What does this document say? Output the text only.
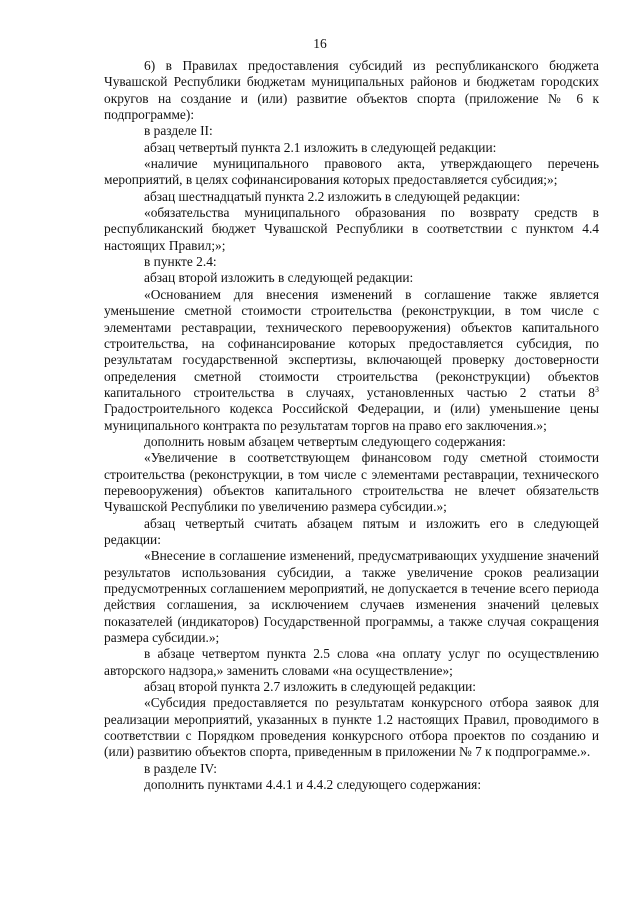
16

6) в Правилах предоставления субсидий из республиканского бюджета Чувашской Республики бюджетам муниципальных районов и бюджетам городских округов на создание и (или) развитие объектов спорта (приложение № 6 к подпрограмме):

в разделе II:

абзац четвертый пункта 2.1 изложить в следующей редакции:

«наличие муниципального правового акта, утверждающего перечень мероприятий, в целях софинансирования которых предоставляется субсидия;»;

абзац шестнадцатый пункта 2.2 изложить в следующей редакции:

«обязательства муниципального образования по возврату средств в республиканский бюджет Чувашской Республики в соответствии с пунктом 4.4 настоящих Правил;»;

в пункте 2.4:

абзац второй изложить в следующей редакции:

«Основанием для внесения изменений в соглашение также является уменьшение сметной стоимости строительства (реконструкции, в том числе с элементами реставрации, технического перевооружения) объектов капитального строительства, на софинансирование которых предоставляется субсидия, по результатам государственной экспертизы, включающей проверку достоверности определения сметной стоимости строительства (реконструкции) объектов капитального строительства в случаях, установленных частью 2 статьи $8^3$ Градостроительного кодекса Российской Федерации, и (или) уменьшение цены муниципального контракта по результатам торгов на право его заключения.»;

дополнить новым абзацем четвертым следующего содержания:

«Увеличение в соответствующем финансовом году сметной стоимости строительства (реконструкции, в том числе с элементами реставрации, технического перевооружения) объектов капитального строительства не влечет обязательств Чувашской Республики по увеличению размера субсидии.»;

абзац четвертый считать абзацем пятым и изложить его в следующей редакции:

«Внесение в соглашение изменений, предусматривающих ухудшение значений результатов использования субсидии, а также увеличение сроков реализации предусмотренных соглашением мероприятий, не допускается в течение всего периода действия соглашения, за исключением случаев изменения значений целевых показателей (индикаторов) Государственной программы, а также случая сокращения размера субсидии.»;

в абзаце четвертом пункта 2.5 слова «на оплату услуг по осуществлению авторского надзора,» заменить словами «на осуществление»;

абзац второй пункта 2.7 изложить в следующей редакции:

«Субсидия предоставляется по результатам конкурсного отбора заявок для реализации мероприятий, указанных в пункте 1.2 настоящих Правил, проводимого в соответствии с Порядком проведения конкурсного отбора проектов по созданию и (или) развитию объектов спорта, приведенным в приложении № 7 к подпрограмме.».

в разделе IV:

дополнить пунктами 4.4.1 и 4.4.2 следующего содержания:
